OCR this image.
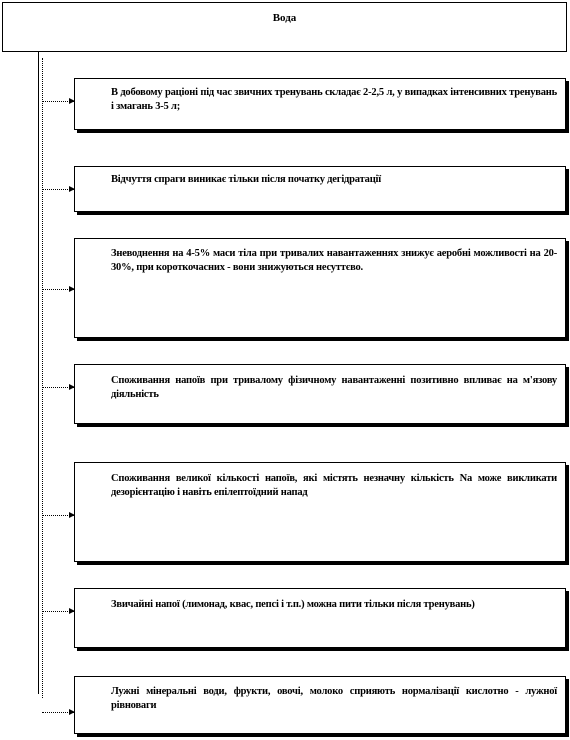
Вода
В добовому раціоні під час звичних тренувань складає 2-2,5 л, у випадках інтенсивних тренувань і змагань 3-5 л;
Відчуття спраги виникає тільки після початку дегідратації
Зневоднення на 4-5% маси тіла при тривалих навантаженнях знижує аеробні можливості на 20-30%, при короткочасних - вони знижуються несуттєво.
Споживання напоїв при тривалому фізичному навантаженні позитивно впливає на м'язову діяльність
Споживання великої кількості напоїв, які містять незначну кількість Na може викликати дезорієнтацію і навіть епілептоїдний напад
Звичайні напої (лимонад, квас, пепсі і т.п.) можна пити тільки після тренувань)
Лужні мінеральні води, фрукти, овочі, молоко сприяють нормалізації кислотно - лужної рівноваги
